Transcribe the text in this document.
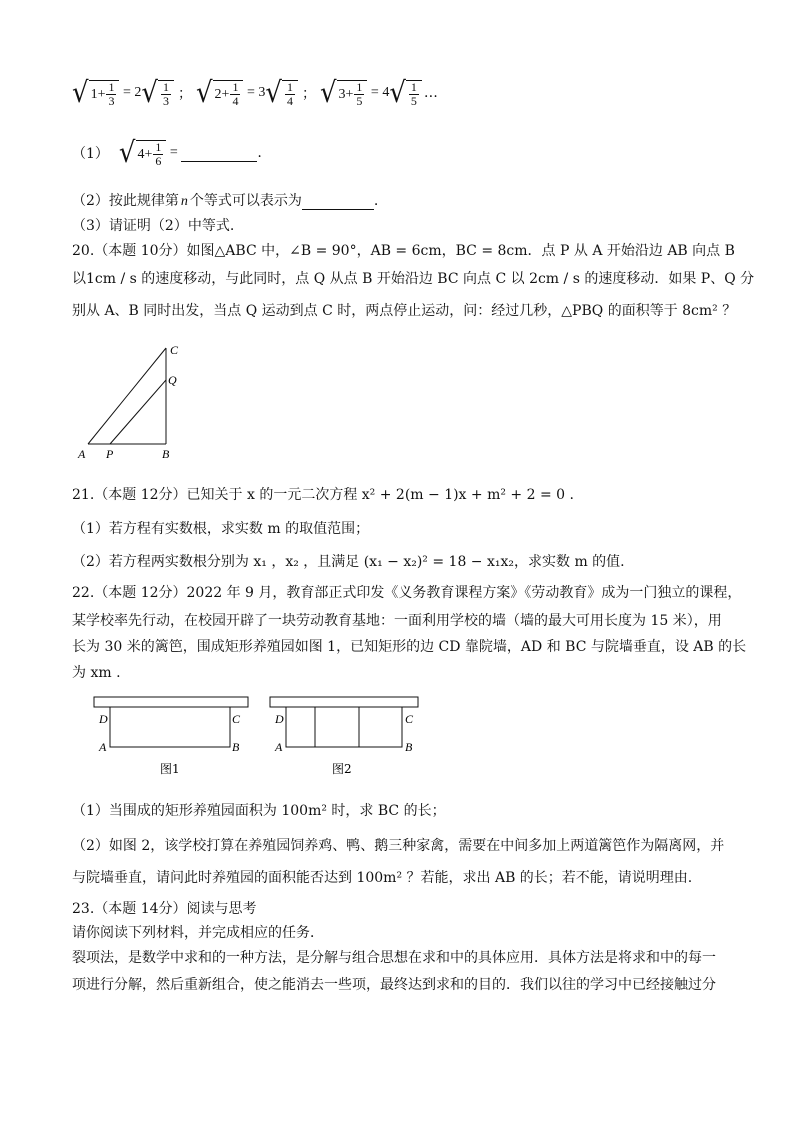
√ $1 + \frac{1}{3} = 2$ √ $\frac{1}{3}$ ； √ $2 + \frac{1}{4} = 3$ √ $\frac{1}{4}$ ； √ $3 + \frac{1}{5} = 4$ √ $\frac{1}{5}$ …
（1） √ $4 + \frac{1}{6}$ =	.
（2）按此规律第 n 个等式可以表示为	.
（3）请证明（2）中等式.
20.（本题 10分）如图△ABC 中，∠B = 90°，AB = 6cm，BC = 8cm．点 P 从 A 开始沿边 AB 向点 B
以1cm / s 的速度移动，与此同时，点 Q 从点 B 开始沿边 BC 向点 C 以 2cm / s 的速度移动．如果 P、Q 分
别从 A、B 同时出发，当点 Q 运动到点 C 时，两点停止运动，问：经过几秒，△PBQ 的面积等于 8cm² ？
A P	B
C
Q
21.（本题 12分）已知关于 x 的一元二次方程 x² + 2(m − 1)x + m² + 2 = 0 .
（1）若方程有实数根，求实数 m 的取值范围；
（2）若方程两实数根分别为 x₁ ，x₂ ，且满足 (x₁ − x₂)² = 18 − x₁x₂，求实数 m 的值.
22.（本题 12分）2022 年 9 月，教育部正式印发《义务教育课程方案》《劳动教育》成为一门独立的课程，
某学校率先行动，在校园开辟了一块劳动教育基地：一面利用学校的墙（墙的最大可用长度为 15 米），用
长为 30 米的篱笆，围成矩形养殖园如图 1，已知矩形的边 CD 靠院墙，AD 和 BC 与院墙垂直，设 AB 的长
为 xm .
D	C
A	B
图1
D	C
A	B
图2
（1）当围成的矩形养殖园面积为 100m² 时，求 BC 的长；
（2）如图 2，该学校打算在养殖园饲养鸡、鸭、鹅三种家禽，需要在中间多加上两道篱笆作为隔离网，并
与院墙垂直，请问此时养殖园的面积能否达到 100m² ？若能，求出 AB 的长；若不能，请说明理由.
23.（本题 14分）阅读与思考
请你阅读下列材料，并完成相应的任务．
裂项法，是数学中求和的一种方法，是分解与组合思想在求和中的具体应用．具体方法是将求和中的每一
项进行分解，然后重新组合，使之能消去一些项，最终达到求和的目的．我们以往的学习中已经接触过分
